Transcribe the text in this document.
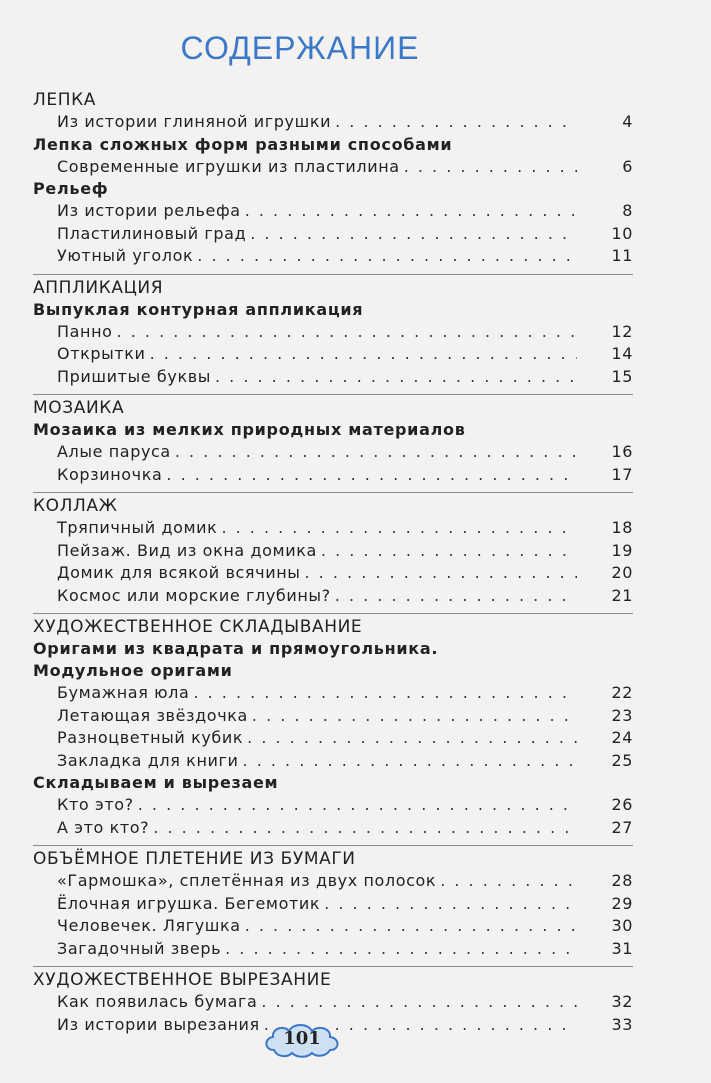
СОДЕРЖАНИЕ
ЛЕПКА
Из истории глиняной игрушки . . .	4
Лепка сложных форм разными способами
Современные игрушки из пластилина . . .	6
Рельеф
Из истории рельефа . . .	8
Пластилиновый град . . .	10
Уютный уголок . . .	11
АППЛИКАЦИЯ
Выпуклая контурная аппликация
Панно . . .	12
Открытки . . .	14
Пришитые буквы . . .	15
МОЗАИКА
Мозаика из мелких природных материалов
Алые паруса . . .	16
Корзиночка . . .	17
КОЛЛАЖ
Тряпичный домик . . .	18
Пейзаж. Вид из окна домика . . .	19
Домик для всякой всячины . . .	20
Космос или морские глубины? . . .	21
ХУДОЖЕСТВЕННОЕ СКЛАДЫВАНИЕ
Оригами из квадрата и прямоугольника.
Модульное оригами
Бумажная юла . . .	22
Летающая звёздочка . . .	23
Разноцветный кубик . . .	24
Закладка для книги . . .	25
Складываем и вырезаем
Кто это? . . .	26
А это кто? . . .	27
ОБЪЁМНОЕ ПЛЕТЕНИЕ ИЗ БУМАГИ
«Гармошка», сплетённая из двух полосок . . .	28
Ёлочная игрушка. Бегемотик . . .	29
Человечек. Лягушка . . .	30
Загадочный зверь . . .	31
ХУДОЖЕСТВЕННОЕ ВЫРЕЗАНИЕ
Как появилась бумага . . .	32
Из истории вырезания . . .	33
101
